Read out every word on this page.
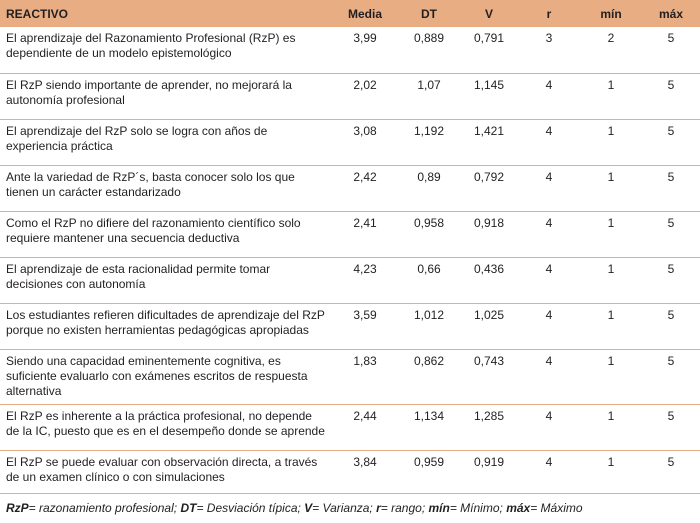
REACTIVO	Media	DT	V	r	mín	máx
El aprendizaje del Razonamiento Profesional (RzP) es dependiente de un modelo epistemológico	3,99	0,889	0,791	3	2	5
El RzP siendo importante de aprender, no mejorará la autonomía profesional	2,02	1,07	1,145	4	1	5
El aprendizaje del RzP solo se logra con años de experiencia práctica	3,08	1,192	1,421	4	1	5
Ante la variedad de RzP´s, basta conocer solo los que tienen un carácter estandarizado	2,42	0,89	0,792	4	1	5
Como el RzP no difiere del razonamiento científico solo requiere mantener una secuencia deductiva	2,41	0,958	0,918	4	1	5
El aprendizaje de esta racionalidad permite tomar decisiones con autonomía	4,23	0,66	0,436	4	1	5
Los estudiantes refieren dificultades de aprendizaje del RzP porque no existen herramientas pedagógicas apropiadas	3,59	1,012	1,025	4	1	5
Siendo una capacidad eminentemente cognitiva, es suficiente evaluarlo con exámenes escritos de respuesta alternativa	1,83	0,862	0,743	4	1	5
El RzP es inherente a la práctica profesional, no depende de la IC, puesto que es en el desempeño donde se aprende	2,44	1,134	1,285	4	1	5
El RzP se puede evaluar con observación directa, a través de un examen clínico o con simulaciones	3,84	0,959	0,919	4	1	5
RzP= razonamiento profesional; DT= Desviación típica; V= Varianza; r= rango; mín= Mínimo; máx= Máximo
